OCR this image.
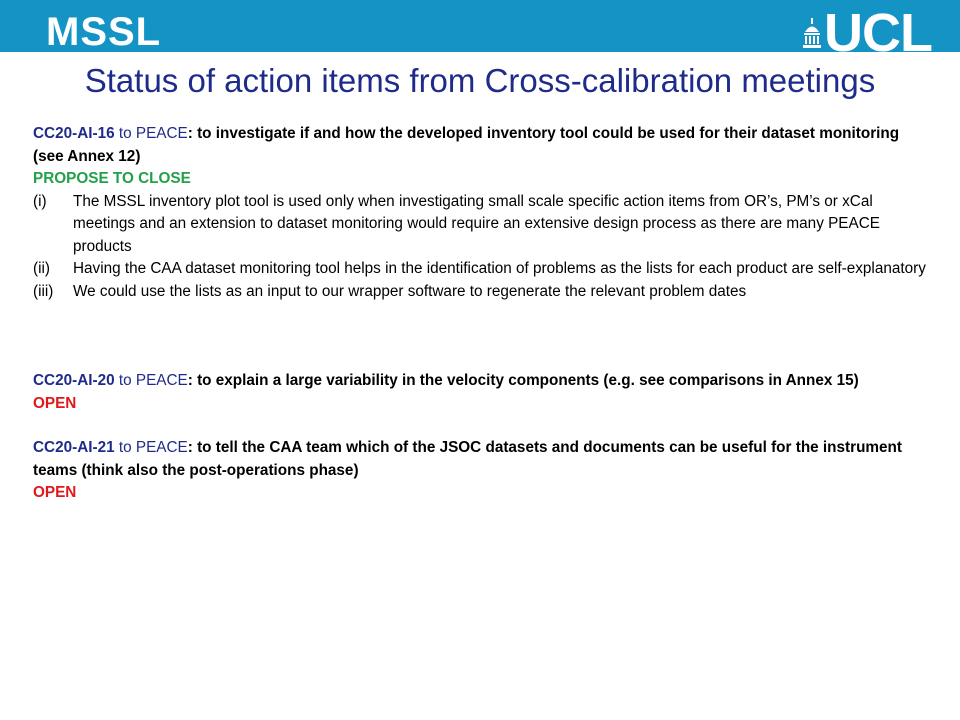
MSSL	UCL
Status of action items from Cross-calibration meetings
CC20-AI-16 to PEACE: to investigate if and how the developed inventory tool could be used for their dataset monitoring (see Annex 12)
PROPOSE TO CLOSE
(i)	The MSSL inventory plot tool is used only when investigating small scale specific action items from OR’s, PM’s or xCal meetings and an extension to dataset monitoring would require an extensive design process as there are many PEACE products
(ii)	Having the CAA dataset monitoring tool helps in the identification of problems as the lists for each product are self-explanatory
(iii)	We could use the lists as an input to our wrapper software to regenerate the relevant problem dates
CC20-AI-20 to PEACE: to explain a large variability in the velocity components (e.g. see comparisons in Annex 15)
OPEN
CC20-AI-21 to PEACE: to tell the CAA team which of the JSOC datasets and documents can be useful for the instrument teams (think also the post-operations phase)
OPEN
